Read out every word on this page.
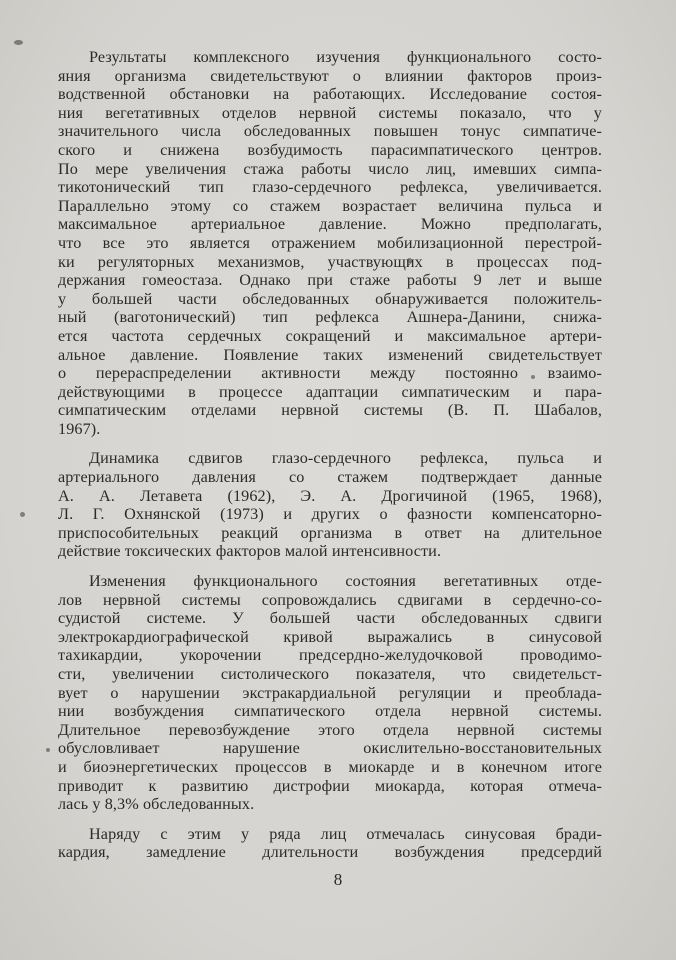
Результаты комплексного изучения функционального состо-
яния организма свидетельствуют о влиянии факторов произ-
водственной обстановки на работающих. Исследование состоя-
ния вегетативных отделов нервной системы показало, что у
значительного числа обследованных повышен тонус симпатиче-
ского и снижена возбудимость парасимпатического центров.
По мере увеличения стажа работы число лиц, имевших симпа-
тикотонический тип глазо-сердечного рефлекса, увеличивается.
Параллельно этому со стажем возрастает величина пульса и
максимальное артериальное давление. Можно предполагать,
что все это является отражением мобилизационной перестрой-
ки регуляторных механизмов, участвующих в процессах под-
держания гомеостаза. Однако при стаже работы 9 лет и выше
у большей части обследованных обнаруживается положитель-
ный (ваготонический) тип рефлекса Ашнера-Данини, снижа-
ется частота сердечных сокращений и максимальное артери-
альное давление. Появление таких изменений свидетельствует
о перераспределении активности между постоянно взаимо-
действующими в процессе адаптации симпатическим и пара-
симпатическим отделами нервной системы (В. П. Шабалов,
1967).

Динамика сдвигов глазо-сердечного рефлекса, пульса и
артериального давления со стажем подтверждает данные
А. А. Летавета (1962), Э. А. Дрогичиной (1965, 1968),
Л. Г. Охнянской (1973) и других о фазности компенсаторно-
приспособительных реакций организма в ответ на длительное
действие токсических факторов малой интенсивности.

Изменения функционального состояния вегетативных отде-
лов нервной системы сопровождались сдвигами в сердечно-со-
судистой системе. У большей части обследованных сдвиги
электрокардиографической кривой выражались в синусовой
тахикардии, укорочении предсердно-желудочковой проводимо-
сти, увеличении систолического показателя, что свидетельст-
вует о нарушении экстракардиальной регуляции и преоблада-
нии возбуждения симпатического отдела нервной системы.
Длительное перевозбуждение этого отдела нервной системы
обусловливает нарушение окислительно-восстановительных
и биоэнергетических процессов в миокарде и в конечном итоге
приводит к развитию дистрофии миокарда, которая отмеча-
лась у 8,3% обследованных.

Наряду с этим у ряда лиц отмечалась синусовая бради-
кардия, замедление длительности возбуждения предсердий

8
